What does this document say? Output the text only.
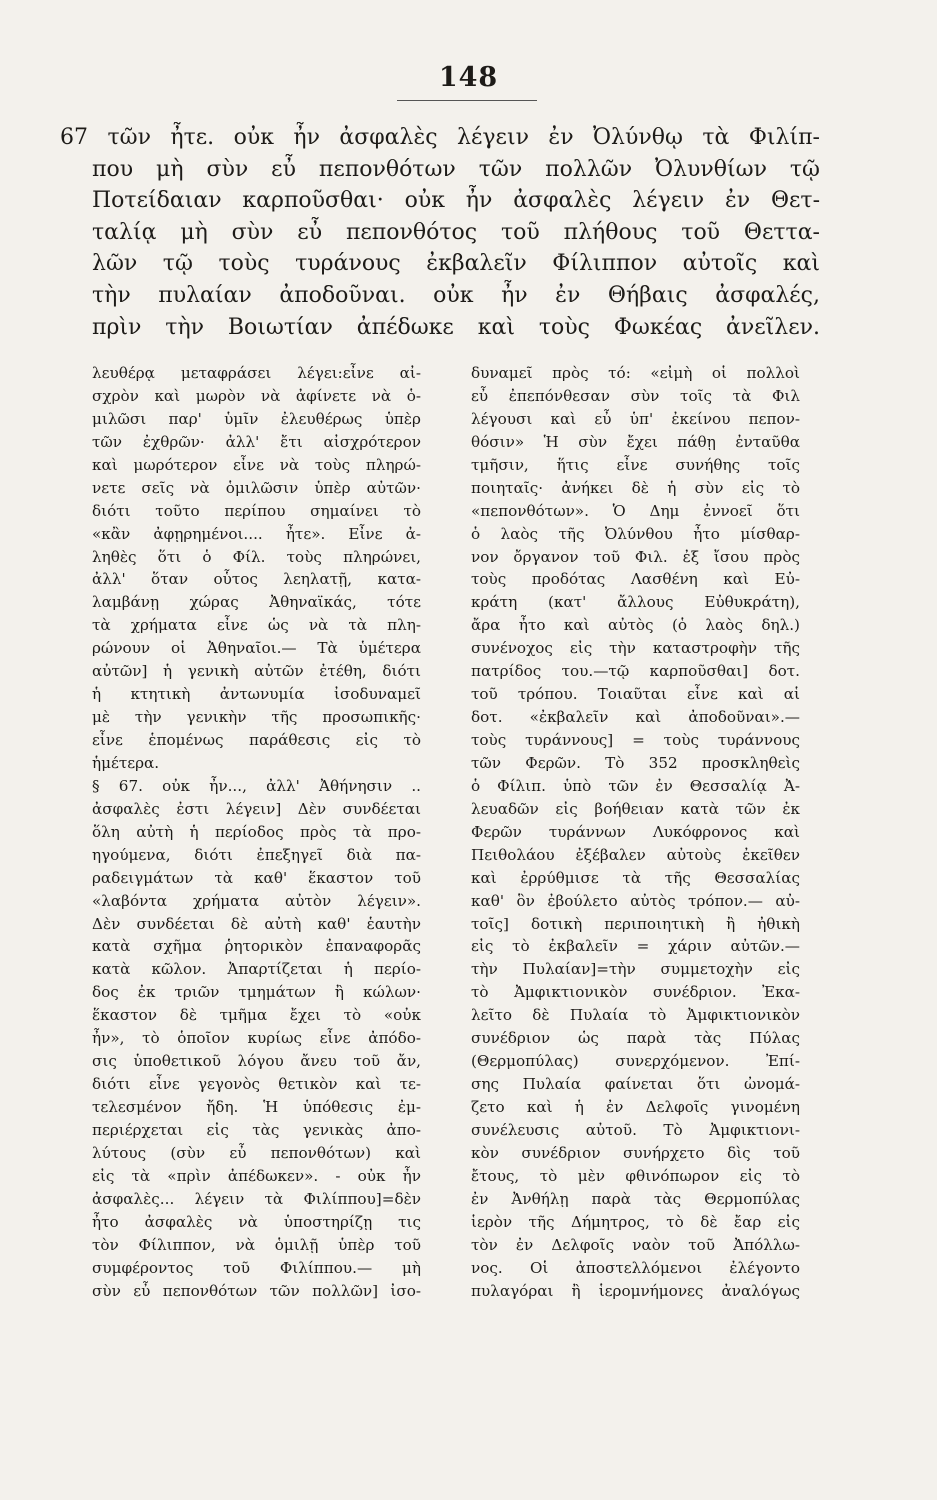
148
67 τῶν ἦτε. οὐκ ἦν ἀσφαλὲς λέγειν ἐν Ὀλύνθῳ τὰ Φιλίπ-
που μὴ σὺν εὖ πεπονθότων τῶν πολλῶν Ὀλυνθίων τῷ
Ποτείδαιαν καρποῦσθαι· οὐκ ἦν ἀσφαλὲς λέγειν ἐν Θετ-
ταλίᾳ μὴ σὺν εὖ πεπονθότος τοῦ πλήθους τοῦ Θεττα-
λῶν τῷ τοὺς τυράνους ἐκβαλεῖν Φίλιππον αὐτοῖς καὶ
τὴν πυλαίαν ἀποδοῦναι. οὐκ ἦν ἐν Θήβαις ἀσφαλές,
πρὶν τὴν Βοιωτίαν ἀπέδωκε καὶ τοὺς Φωκέας ἀνεῖλεν.
λευθέρᾳ μεταφράσει λέγει:εἶνε αἰ-
σχρὸν καὶ μωρὸν νὰ ἀφίνετε νὰ ὁ-
μιλῶσι παρ' ὑμῖν ἐλευθέρως ὑπὲρ
τῶν ἐχθρῶν· ἀλλ' ἔτι αἰσχρότερον
καὶ μωρότερον εἶνε νὰ τοὺς πληρώ-
νετε σεῖς νὰ ὁμιλῶσιν ὑπὲρ αὐτῶν·
διότι τοῦτο περίπου σημαίνει τὸ
«κἂν ἀφῃρημένοι.... ἦτε». Εἶνε ἀ-
ληθὲς ὅτι ὁ Φίλ. τοὺς πληρώνει,
ἀλλ' ὅταν οὗτος λεηλατῇ, κατα-
λαμβάνῃ χώρας Ἀθηναϊκάς, τότε
τὰ χρήματα εἶνε ὡς νὰ τὰ πλη-
ρώνουν οἱ Ἀθηναῖοι.— Τὰ ὑμέτερα
αὐτῶν] ἡ γενικὴ αὐτῶν ἐτέθη, διότι
ἡ κτητικὴ ἀντωνυμία ἰσοδυναμεῖ
μὲ τὴν γενικὴν τῆς προσωπικῆς·
εἶνε ἑπομένως παράθεσις εἰς τὸ
ἡμέτερα.
§ 67. οὐκ ἦν..., ἀλλ' Ἀθήνησιν ..
ἀσφαλὲς ἐστι λέγειν] Δὲν συνδέεται
ὅλη αὐτὴ ἡ περίοδος πρὸς τὰ προ-
ηγούμενα, διότι ἐπεξηγεῖ διὰ πα-
ραδειγμάτων τὰ καθ' ἕκαστον τοῦ
«λαβόντα χρήματα αὐτὸν λέγειν».
Δὲν συνδέεται δὲ αὐτὴ καθ' ἑαυτὴν
κατὰ σχῆμα ῥητορικὸν ἐπαναφορᾶς
κατὰ κῶλον. Ἀπαρτίζεται ἡ περίο-
δος ἐκ τριῶν τμημάτων ἢ κώλων·
ἕκαστον δὲ τμῆμα ἔχει τὸ «οὐκ
ἦν», τὸ ὁποῖον κυρίως εἶνε ἀπόδο-
σις ὑποθετικοῦ λόγου ἄνευ τοῦ ἄν,
διότι εἶνε γεγονὸς θετικὸν καὶ τε-
τελεσμένον ἤδη. Ἡ ὑπόθεσις ἐμ-
περιέρχεται εἰς τὰς γενικὰς ἀπο-
λύτους (σὺν εὖ πεπονθότων) καὶ
εἰς τὰ «πρὶν ἀπέδωκεν». - οὐκ ἦν
ἀσφαλὲς... λέγειν τὰ Φιλίππου]=δὲν
ἦτο ἀσφαλὲς νὰ ὑποστηρίζῃ τις
τὸν Φίλιππον, νὰ ὁμιλῇ ὑπὲρ τοῦ
συμφέροντος τοῦ Φιλίππου.— μὴ
σὺν εὖ πεπονθότων τῶν πολλῶν] ἰσο-
δυναμεῖ πρὸς τό: «εἰμὴ οἱ πολλοὶ
εὖ ἐπεπόνθεσαν σὺν τοῖς τὰ Φιλ
λέγουσι καὶ εὖ ὑπ' ἐκείνου πεπον-
θόσιν» Ἡ σὺν ἔχει πάθῃ ἐνταῦθα
τμῆσιν, ἥτις εἶνε συνήθης τοῖς
ποιηταῖς· ἀνήκει δὲ ἡ σὺν εἰς τὸ
«πεπονθότων». Ὁ Δημ ἐννοεῖ ὅτι
ὁ λαὸς τῆς Ὀλύνθου ἦτο μίσθαρ-
νον ὄργανον τοῦ Φιλ. ἐξ ἴσου πρὸς
τοὺς προδότας Λασθένη καὶ Εὐ-
κράτη (κατ' ἄλλους Εὐθυκράτη),
ἄρα ἦτο καὶ αὐτὸς (ὁ λαὸς δηλ.)
συνένοχος εἰς τὴν καταστροφὴν τῆς
πατρίδος του.—τῷ καρποῦσθαι] δοτ.
τοῦ τρόπου. Τοιαῦται εἶνε καὶ αἱ
δοτ. «ἐκβαλεῖν καὶ ἀποδοῦναι».—
τοὺς τυράννους] = τοὺς τυράννους
τῶν Φερῶν. Τὸ 352 προσκληθεὶς
ὁ Φίλιπ. ὑπὸ τῶν ἐν Θεσσαλίᾳ Ἀ-
λευαδῶν εἰς βοήθειαν κατὰ τῶν ἐκ
Φερῶν τυράννων Λυκόφρονος καὶ
Πειθολάου ἐξέβαλεν αὐτοὺς ἐκεῖθεν
καὶ ἐρρύθμισε τὰ τῆς Θεσσαλίας
καθ' ὃν ἐβούλετο αὐτὸς τρόπον.— αὐ-
τοῖς] δοτικὴ περιποιητικὴ ἢ ἠθικὴ
εἰς τὸ ἐκβαλεῖν = χάριν αὐτῶν.—
τὴν Πυλαίαν]=τὴν συμμετοχὴν εἰς
τὸ Ἀμφικτιονικὸν συνέδριον. Ἐκα-
λεῖτο δὲ Πυλαία τὸ Ἀμφικτιονικὸν
συνέδριον ὡς παρὰ τὰς Πύλας
(Θερμοπύλας) συνερχόμενον. Ἐπί-
σης Πυλαία φαίνεται ὅτι ὠνομά-
ζετο καὶ ἡ ἐν Δελφοῖς γινομένη
συνέλευσις αὐτοῦ. Τὸ Ἀμφικτιονι-
κὸν συνέδριον συνήρχετο δὶς τοῦ
ἔτους, τὸ μὲν φθινόπωρον εἰς τὸ
ἐν Ἀνθήλῃ παρὰ τὰς Θερμοπύλας
ἱερὸν τῆς Δήμητρος, τὸ δὲ ἔαρ εἰς
τὸν ἐν Δελφοῖς ναὸν τοῦ Ἀπόλλω-
νος. Οἱ ἀποστελλόμενοι ἐλέγοντο
πυλαγόραι ἢ ἱερομνήμονες ἀναλόγως
